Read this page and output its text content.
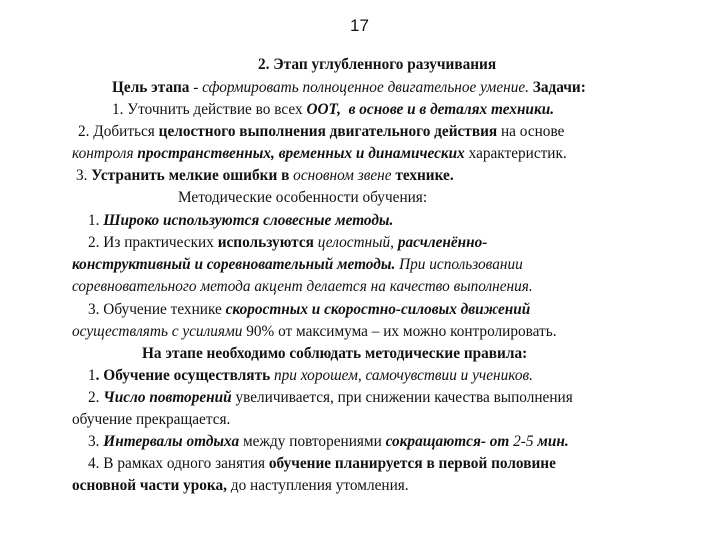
17
2. Этап углубленного разучивания
Цель этапа - сформировать полноценное двигательное умение. Задачи:
1. Уточнить действие во всех ООТ, в основе и в деталях техники.
2. Добиться целостного выполнения двигательного действия на основе
контроля пространственных, временных и динамических характеристик.
3. Устранить мелкие ошибки в основном звене технике.
Методические особенности обучения:
1. Широко используются словесные методы.
2. Из практических используются целостный, расчленённо-
конструктивный и соревновательный методы. При использовании
соревновательного метода акцент делается на качество выполнения.
3. Обучение технике скоростных и скоростно-силовых движений
осуществлять с усилиями 90% от максимума – их можно контролировать.
На этапе необходимо соблюдать методические правила:
1. Обучение осуществлять при хорошем, самочувствии и учеников.
2. Число повторений увеличивается, при снижении качества выполнения
обучение прекращается.
3. Интервалы отдыха между повторениями сокращаются- от 2-5 мин.
4. В рамках одного занятия обучение планируется в первой половине
основной части урока, до наступления утомления.
